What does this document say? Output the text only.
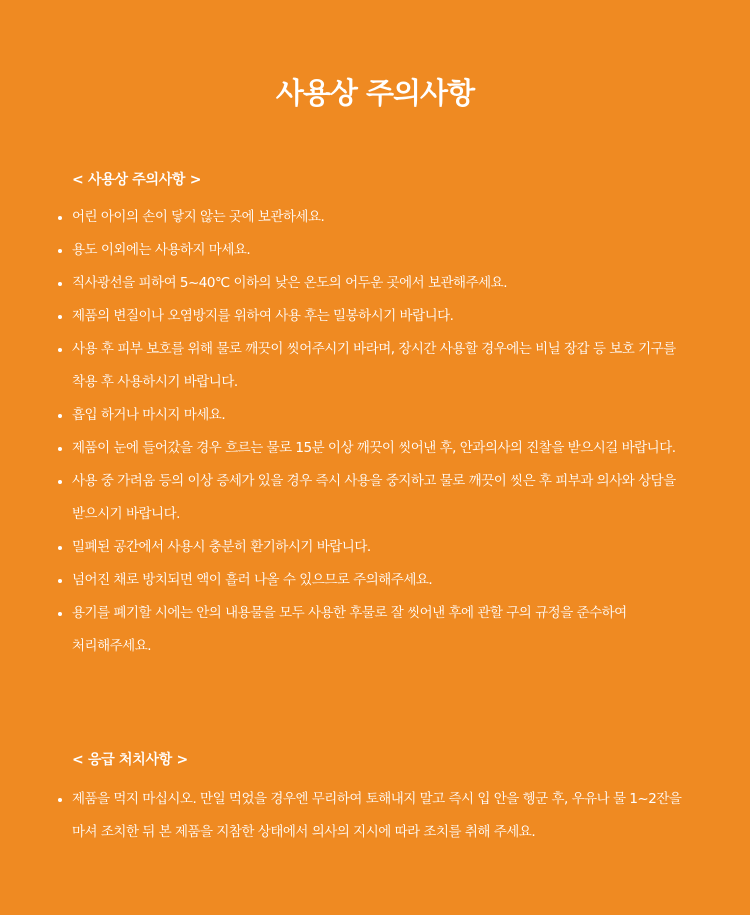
사용상 주의사항
< 사용상 주의사항 >
어린 아이의 손이 닿지 않는 곳에 보관하세요.
용도 이외에는 사용하지 마세요.
직사광선을 피하여 5~40℃ 이하의 낮은 온도의 어두운 곳에서 보관해주세요.
제품의 변질이나 오염방지를 위하여 사용 후는 밀봉하시기 바랍니다.
사용 후 피부 보호를 위해 물로 깨끗이 씻어주시기 바라며, 장시간 사용할 경우에는 비닐 장갑 등 보호 기구를 착용 후 사용하시기 바랍니다.
흡입 하거나 마시지 마세요.
제품이 눈에 들어갔을 경우 흐르는 물로 15분 이상 깨끗이 씻어낸 후, 안과의사의 진찰을 받으시길 바랍니다.
사용 중 가려움 등의 이상 증세가 있을 경우 즉시 사용을 중지하고 물로 깨끗이 씻은 후 피부과 의사와 상담을 받으시기 바랍니다.
밀폐된 공간에서 사용시 충분히 환기하시기 바랍니다.
넘어진 채로 방치되면 액이 흘러 나올 수 있으므로 주의해주세요.
용기를 폐기할 시에는 안의 내용물을 모두 사용한 후물로 잘 씻어낸 후에 관할 구의 규정을 준수하여 처리해주세요.
< 응급 처치사항 >
제품을 먹지 마십시오. 만일 먹었을 경우엔 무리하여 토해내지 말고 즉시 입 안을 헹군 후, 우유나 물 1~2잔을 마셔 조치한 뒤 본 제품을 지참한 상태에서 의사의 지시에 따라 조치를 취해 주세요.
